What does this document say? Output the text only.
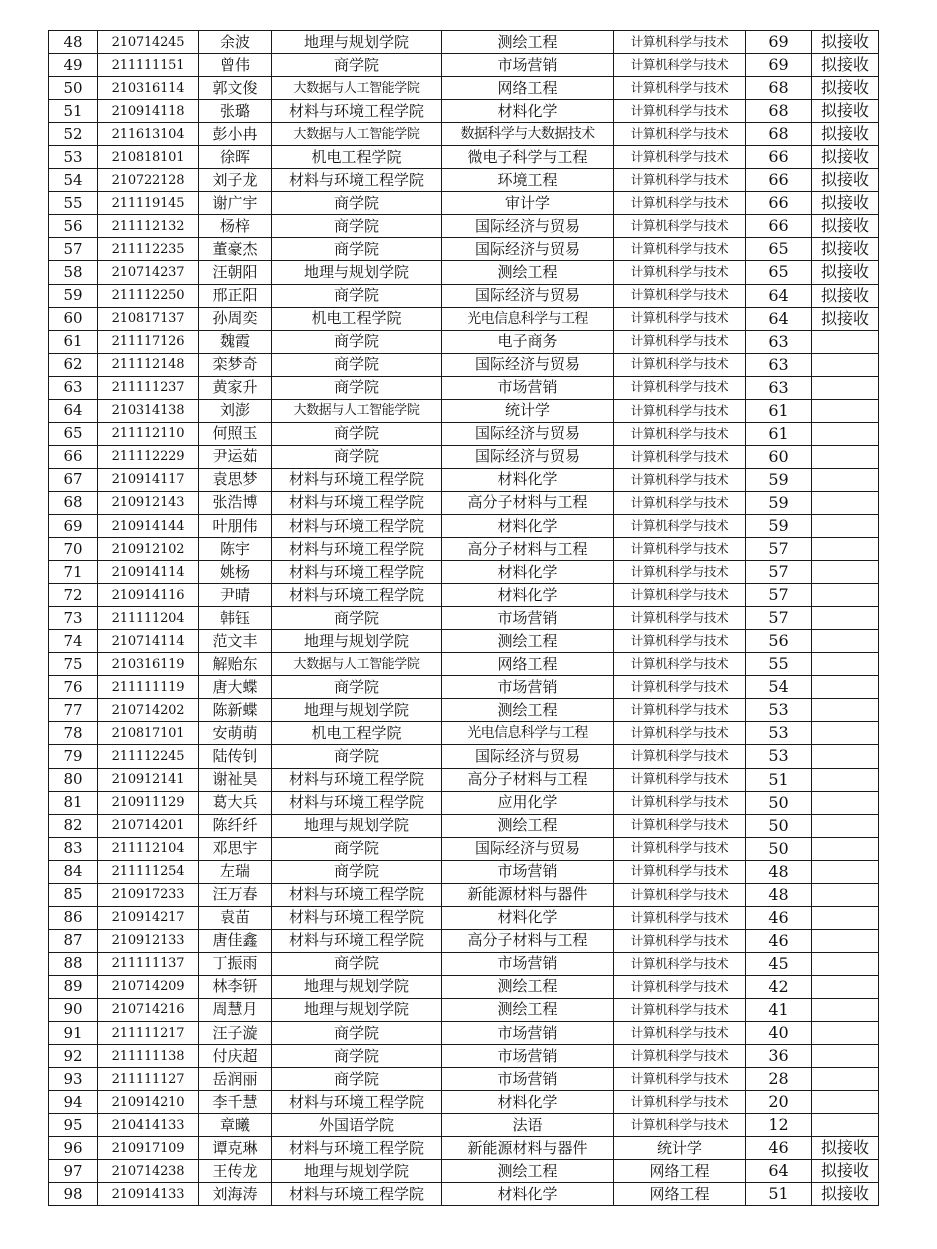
48	210714245	余波	地理与规划学院	测绘工程	计算机科学与技术	69	拟接收
49	211111151	曾伟	商学院	市场营销	计算机科学与技术	69	拟接收
50	210316114	郭文俊	大数据与人工智能学院	网络工程	计算机科学与技术	68	拟接收
51	210914118	张璐	材料与环境工程学院	材料化学	计算机科学与技术	68	拟接收
52	211613104	彭小冉	大数据与人工智能学院	数据科学与大数据技术	计算机科学与技术	68	拟接收
53	210818101	徐晖	机电工程学院	微电子科学与工程	计算机科学与技术	66	拟接收
54	210722128	刘子龙	材料与环境工程学院	环境工程	计算机科学与技术	66	拟接收
55	211119145	谢广宇	商学院	审计学	计算机科学与技术	66	拟接收
56	211112132	杨梓	商学院	国际经济与贸易	计算机科学与技术	66	拟接收
57	211112235	董豪杰	商学院	国际经济与贸易	计算机科学与技术	65	拟接收
58	210714237	汪朝阳	地理与规划学院	测绘工程	计算机科学与技术	65	拟接收
59	211112250	邢正阳	商学院	国际经济与贸易	计算机科学与技术	64	拟接收
60	210817137	孙周奕	机电工程学院	光电信息科学与工程	计算机科学与技术	64	拟接收
61	211117126	魏霞	商学院	电子商务	计算机科学与技术	63	
62	211112148	栾梦奇	商学院	国际经济与贸易	计算机科学与技术	63	
63	211111237	黄家升	商学院	市场营销	计算机科学与技术	63	
64	210314138	刘澎	大数据与人工智能学院	统计学	计算机科学与技术	61	
65	211112110	何照玉	商学院	国际经济与贸易	计算机科学与技术	61	
66	211112229	尹运茹	商学院	国际经济与贸易	计算机科学与技术	60	
67	210914117	袁思梦	材料与环境工程学院	材料化学	计算机科学与技术	59	
68	210912143	张浩博	材料与环境工程学院	高分子材料与工程	计算机科学与技术	59	
69	210914144	叶朋伟	材料与环境工程学院	材料化学	计算机科学与技术	59	
70	210912102	陈宇	材料与环境工程学院	高分子材料与工程	计算机科学与技术	57	
71	210914114	姚杨	材料与环境工程学院	材料化学	计算机科学与技术	57	
72	210914116	尹晴	材料与环境工程学院	材料化学	计算机科学与技术	57	
73	211111204	韩钰	商学院	市场营销	计算机科学与技术	57	
74	210714114	范文丰	地理与规划学院	测绘工程	计算机科学与技术	56	
75	210316119	解贻东	大数据与人工智能学院	网络工程	计算机科学与技术	55	
76	211111119	唐大蝶	商学院	市场营销	计算机科学与技术	54	
77	210714202	陈新蝶	地理与规划学院	测绘工程	计算机科学与技术	53	
78	210817101	安萌萌	机电工程学院	光电信息科学与工程	计算机科学与技术	53	
79	211112245	陆传钊	商学院	国际经济与贸易	计算机科学与技术	53	
80	210912141	谢祉昊	材料与环境工程学院	高分子材料与工程	计算机科学与技术	51	
81	210911129	葛大兵	材料与环境工程学院	应用化学	计算机科学与技术	50	
82	210714201	陈纤纤	地理与规划学院	测绘工程	计算机科学与技术	50	
83	211112104	邓思宇	商学院	国际经济与贸易	计算机科学与技术	50	
84	211111254	左瑞	商学院	市场营销	计算机科学与技术	48	
85	210917233	汪万春	材料与环境工程学院	新能源材料与器件	计算机科学与技术	48	
86	210914217	袁苗	材料与环境工程学院	材料化学	计算机科学与技术	46	
87	210912133	唐佳鑫	材料与环境工程学院	高分子材料与工程	计算机科学与技术	46	
88	211111137	丁振雨	商学院	市场营销	计算机科学与技术	45	
89	210714209	林李钘	地理与规划学院	测绘工程	计算机科学与技术	42	
90	210714216	周慧月	地理与规划学院	测绘工程	计算机科学与技术	41	
91	211111217	汪子漩	商学院	市场营销	计算机科学与技术	40	
92	211111138	付庆超	商学院	市场营销	计算机科学与技术	36	
93	211111127	岳润丽	商学院	市场营销	计算机科学与技术	28	
94	210914210	李千慧	材料与环境工程学院	材料化学	计算机科学与技术	20	
95	210414133	章曦	外国语学院	法语	计算机科学与技术	12	
96	210917109	谭克琳	材料与环境工程学院	新能源材料与器件	统计学	46	拟接收
97	210714238	王传龙	地理与规划学院	测绘工程	网络工程	64	拟接收
98	210914133	刘海涛	材料与环境工程学院	材料化学	网络工程	51	拟接收
